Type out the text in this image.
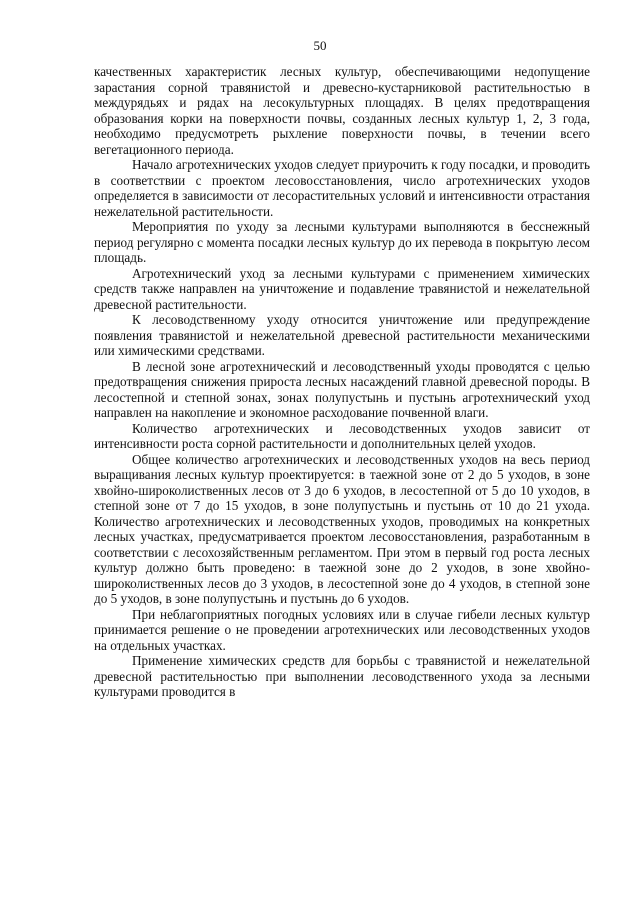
50

качественных характеристик лесных культур, обеспечивающими недопущение зарастания сорной травянистой и древесно-кустарниковой растительностью в междурядьях и рядах на лесокультурных площадях. В целях предотвращения образования корки на поверхности почвы, созданных лесных культур 1, 2, 3 года, необходимо предусмотреть рыхление поверхности почвы, в течении всего вегетационного периода.

Начало агротехнических уходов следует приурочить к году посадки, и проводить в соответствии с проектом лесовосстановления, число агротехнических уходов определяется в зависимости от лесорастительных условий и интенсивности отрастания нежелательной растительности.

Мероприятия по уходу за лесными культурами выполняются в бесснежный период регулярно с момента посадки лесных культур до их перевода в покрытую лесом площадь.

Агротехнический уход за лесными культурами с применением химических средств также направлен на уничтожение и подавление травянистой и нежелательной древесной растительности.

К лесоводственному уходу относится уничтожение или предупреждение появления травянистой и нежелательной древесной растительности механическими или химическими средствами.

В лесной зоне агротехнический и лесоводственный уходы проводятся с целью предотвращения снижения прироста лесных насаждений главной древесной породы. В лесостепной и степной зонах, зонах полупустынь и пустынь агротехнический уход направлен на накопление и экономное расходование почвенной влаги.

Количество агротехнических и лесоводственных уходов зависит от интенсивности роста сорной растительности и дополнительных целей уходов.

Общее количество агротехнических и лесоводственных уходов на весь период выращивания лесных культур проектируется: в таежной зоне от 2 до 5 уходов, в зоне хвойно-широколиственных лесов от 3 до 6 уходов, в лесостепной от 5 до 10 уходов, в степной зоне от 7 до 15 уходов, в зоне полупустынь и пустынь от 10 до 21 ухода. Количество агротехнических и лесоводственных уходов, проводимых на конкретных лесных участках, предусматривается проектом лесовосстановления, разработанным в соответствии с лесохозяйственным регламентом. При этом в первый год роста лесных культур должно быть проведено: в таежной зоне до 2 уходов, в зоне хвойно-широколиственных лесов до 3 уходов, в лесостепной зоне до 4 уходов, в степной зоне до 5 уходов, в зоне полупустынь и пустынь до 6 уходов.

При неблагоприятных погодных условиях или в случае гибели лесных культур принимается решение о не проведении агротехнических или лесоводственных уходов на отдельных участках.

Применение химических средств для борьбы с травянистой и нежелательной древесной растительностью при выполнении лесоводственного ухода за лесными культурами проводится в
